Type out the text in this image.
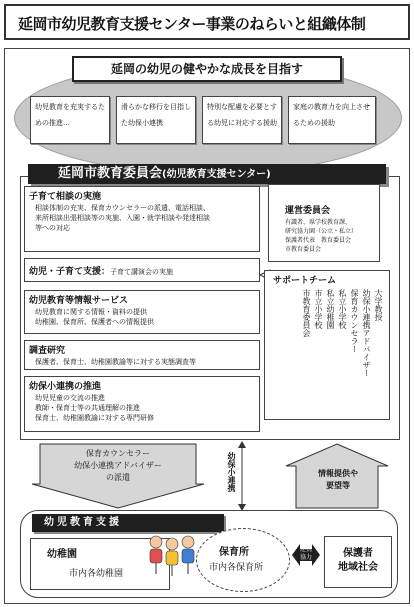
延岡市幼児教育支援センター事業のねらいと組織体制
延岡の幼児の健やかな成長を目指す
幼児教育を充実するための推進…
滑らかな移行を目指した幼保小連携
特別な配慮を必要とする幼児に対応する援助
家庭の教育力を向上させるための援助
延岡市教育委員会(幼児教育支援センター)
子育て相談の実施
相談体制の充実、保育カウンセラーの派遣、電話相談、
来所相談出張相談等の実施、入園・就学相談や発達相談
等への対応
幼児・子育て支援：子育て講演会の実施
幼児教育等情報サービス
幼児教育に関する情報・資料の提供
幼稚園、保育所、保護者への情報提供
調査研究
保護者、保育士、幼稚園教諭等に対する実態調査等
幼保小連携の推進
幼児児童の交流の推進
教師・保育士等の共通理解の推進
保育士、幼稚園教諭に対する専門研修
運営委員会
有識者、県学校教育課、
研究協力園（公立・私立）
保護者代表　教育委員会
市教育委員会
サポートチーム
大学教授
幼保小連携アドバイザー
保育カウンセラー
私立小学校
私立幼稚園
市立小学校
市教育委員会
保育カウンセラー
幼保小連携アドバイザー
の派遣	幼保小連携	情報提供や
要望等
幼児教育支援
幼稚園
市内各幼稚園
保育所
市内各保育所
連携
協力	保護者
地域社会
